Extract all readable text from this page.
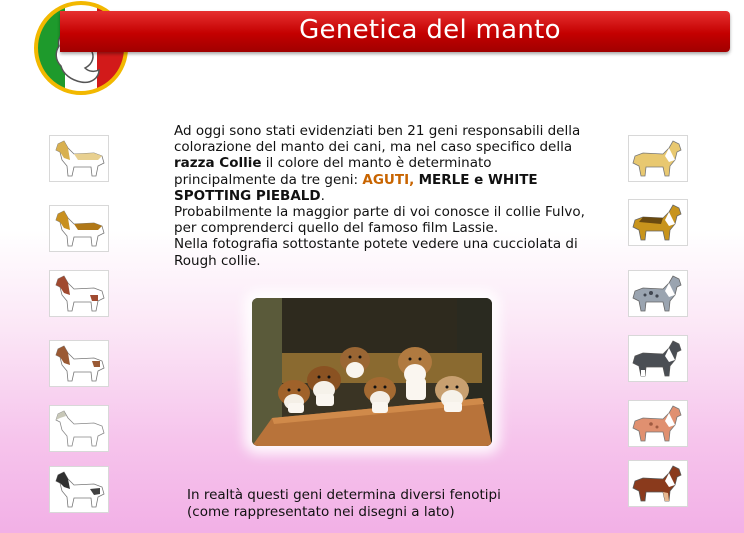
Genetica del manto
Ad oggi sono stati evidenziati ben 21 geni responsabili della colorazione del manto dei cani, ma nel caso specifico della razza Collie il colore del manto è determinato principalmente da tre geni: AGUTI, MERLE e WHITE SPOTTING PIEBALD.
Probabilmente la maggior parte di voi conosce il collie Fulvo, per comprenderci quello del famoso film Lassie.
Nella fotografia sottostante potete vedere una cucciolata di Rough collie.
In realtà questi geni determina diversi fenotipi
(come rappresentato nei disegni a lato)
